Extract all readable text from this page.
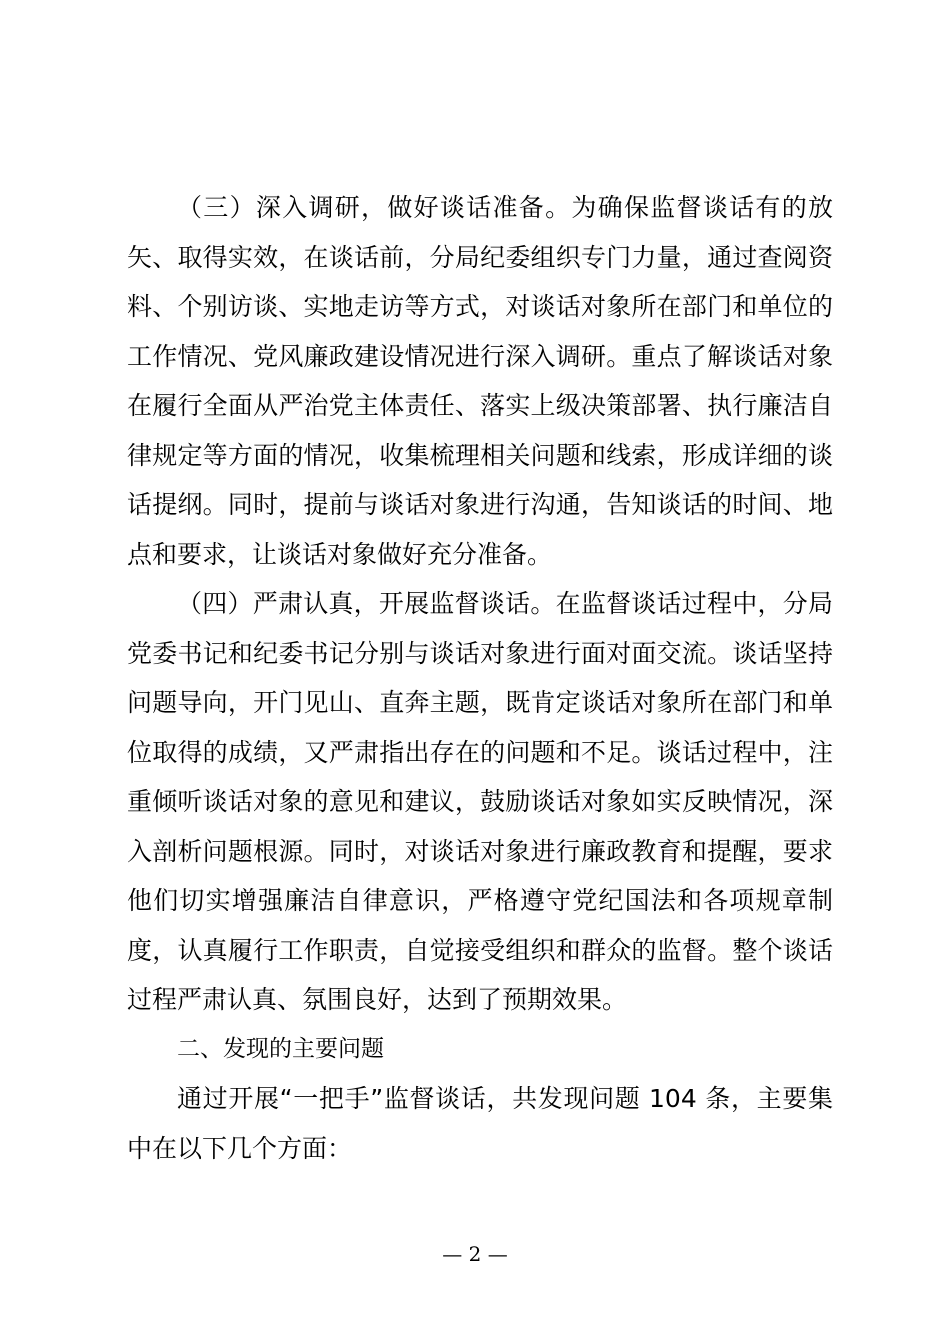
（三）深入调研，做好谈话准备。为确保监督谈话有的放矢、取得实效，在谈话前，分局纪委组织专门力量，通过查阅资料、个别访谈、实地走访等方式，对谈话对象所在部门和单位的工作情况、党风廉政建设情况进行深入调研。重点了解谈话对象在履行全面从严治党主体责任、落实上级决策部署、执行廉洁自律规定等方面的情况，收集梳理相关问题和线索，形成详细的谈话提纲。同时，提前与谈话对象进行沟通，告知谈话的时间、地点和要求，让谈话对象做好充分准备。

（四）严肃认真，开展监督谈话。在监督谈话过程中，分局党委书记和纪委书记分别与谈话对象进行面对面交流。谈话坚持问题导向，开门见山、直奔主题，既肯定谈话对象所在部门和单位取得的成绩，又严肃指出存在的问题和不足。谈话过程中，注重倾听谈话对象的意见和建议，鼓励谈话对象如实反映情况，深入剖析问题根源。同时，对谈话对象进行廉政教育和提醒，要求他们切实增强廉洁自律意识，严格遵守党纪国法和各项规章制度，认真履行工作职责，自觉接受组织和群众的监督。整个谈话过程严肃认真、氛围良好，达到了预期效果。

二、发现的主要问题

通过开展“一把手”监督谈话，共发现问题 104 条，主要集中在以下几个方面：

— 2 —
